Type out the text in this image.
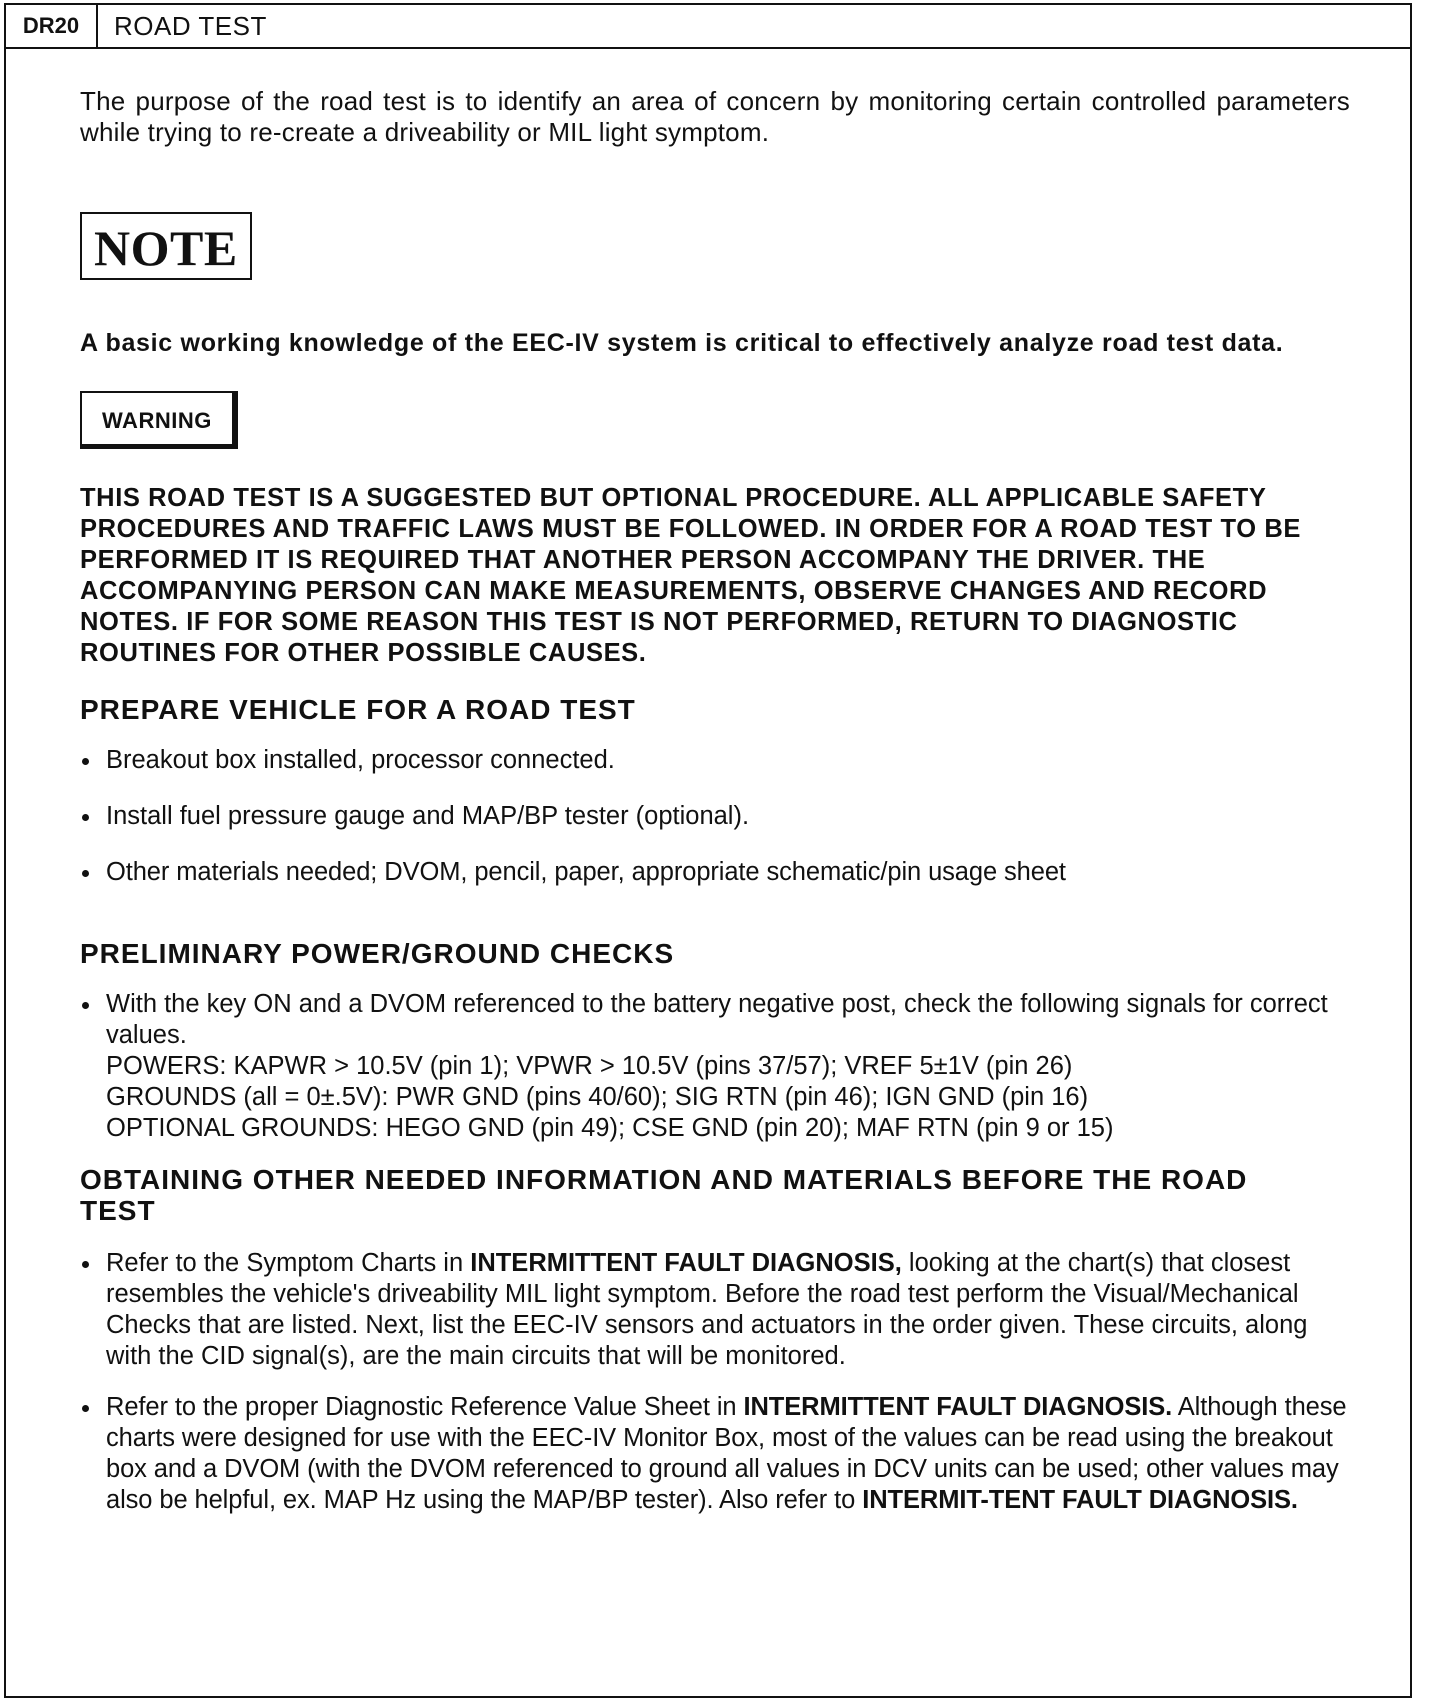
DR20	ROAD TEST

The purpose of the road test is to identify an area of concern by monitoring certain controlled parameters while trying to re-create a driveability or MIL light symptom.

NOTE

A basic working knowledge of the EEC-IV system is critical to effectively analyze road test data.

WARNING

THIS ROAD TEST IS A SUGGESTED BUT OPTIONAL PROCEDURE. ALL APPLICABLE SAFETY PROCEDURES AND TRAFFIC LAWS MUST BE FOLLOWED. IN ORDER FOR A ROAD TEST TO BE PERFORMED IT IS REQUIRED THAT ANOTHER PERSON ACCOMPANY THE DRIVER. THE ACCOMPANYING PERSON CAN MAKE MEASUREMENTS, OBSERVE CHANGES AND RECORD NOTES. IF FOR SOME REASON THIS TEST IS NOT PERFORMED, RETURN TO DIAGNOSTIC ROUTINES FOR OTHER POSSIBLE CAUSES.

PREPARE VEHICLE FOR A ROAD TEST
Breakout box installed, processor connected.
Install fuel pressure gauge and MAP/BP tester (optional).
Other materials needed; DVOM, pencil, paper, appropriate schematic/pin usage sheet
PRELIMINARY POWER/GROUND CHECKS
With the key ON and a DVOM referenced to the battery negative post, check the following signals for correct values.
POWERS: KAPWR > 10.5V (pin 1); VPWR > 10.5V (pins 37/57); VREF 5±1V (pin 26)
GROUNDS (all = 0±.5V): PWR GND (pins 40/60); SIG RTN (pin 46); IGN GND (pin 16)
OPTIONAL GROUNDS: HEGO GND (pin 49); CSE GND (pin 20); MAF RTN (pin 9 or 15)
OBTAINING OTHER NEEDED INFORMATION AND MATERIALS BEFORE THE ROAD TEST
Refer to the Symptom Charts in INTERMITTENT FAULT DIAGNOSIS, looking at the chart(s) that closest resembles the vehicle's driveability MIL light symptom. Before the road test perform the Visual/Mechanical Checks that are listed. Next, list the EEC-IV sensors and actuators in the order given. These circuits, along with the CID signal(s), are the main circuits that will be monitored.
Refer to the proper Diagnostic Reference Value Sheet in INTERMITTENT FAULT DIAGNOSIS. Although these charts were designed for use with the EEC-IV Monitor Box, most of the values can be read using the breakout box and a DVOM (with the DVOM referenced to ground all values in DCV units can be used; other values may also be helpful, ex. MAP Hz using the MAP/BP tester). Also refer to INTERMIT-TENT FAULT DIAGNOSIS.
